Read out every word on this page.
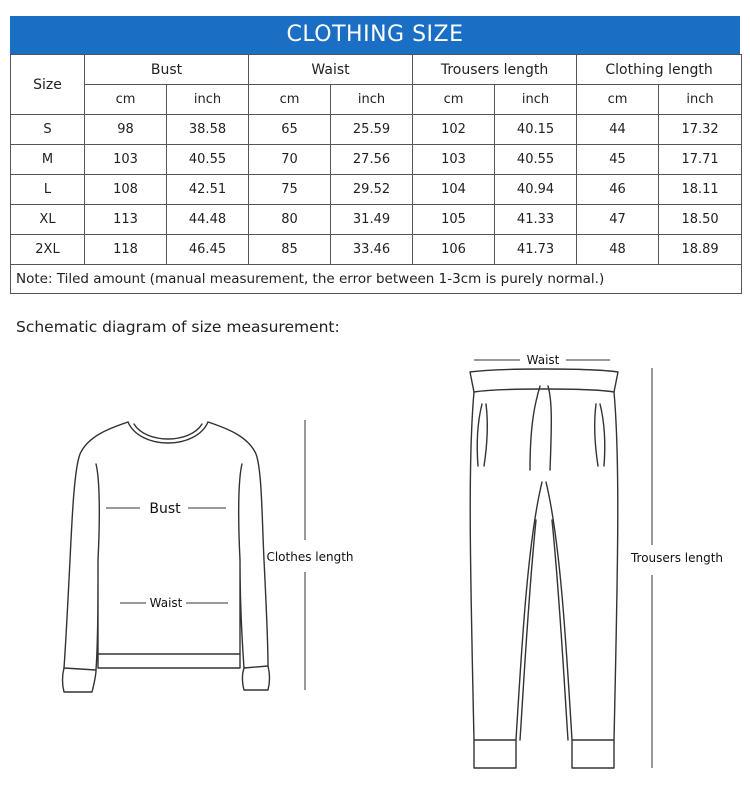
CLOTHING SIZE
Size	Bust		Waist		Trousers length		Clothing length	
	cm	inch	cm	inch	cm	inch	cm	inch
S	98	38.58	65	25.59	102	40.15	44	17.32
M	103	40.55	70	27.56	103	40.55	45	17.71
L	108	42.51	75	29.52	104	40.94	46	18.11
XL	113	44.48	80	31.49	105	41.33	47	18.50
2XL	118	46.45	85	33.46	106	41.73	48	18.89
Note: Tiled amount (manual measurement, the error between 1-3cm is purely normal.)								
Schematic diagram of size measurement:
Bust
Waist
Clothes length
Waist
Trousers length
